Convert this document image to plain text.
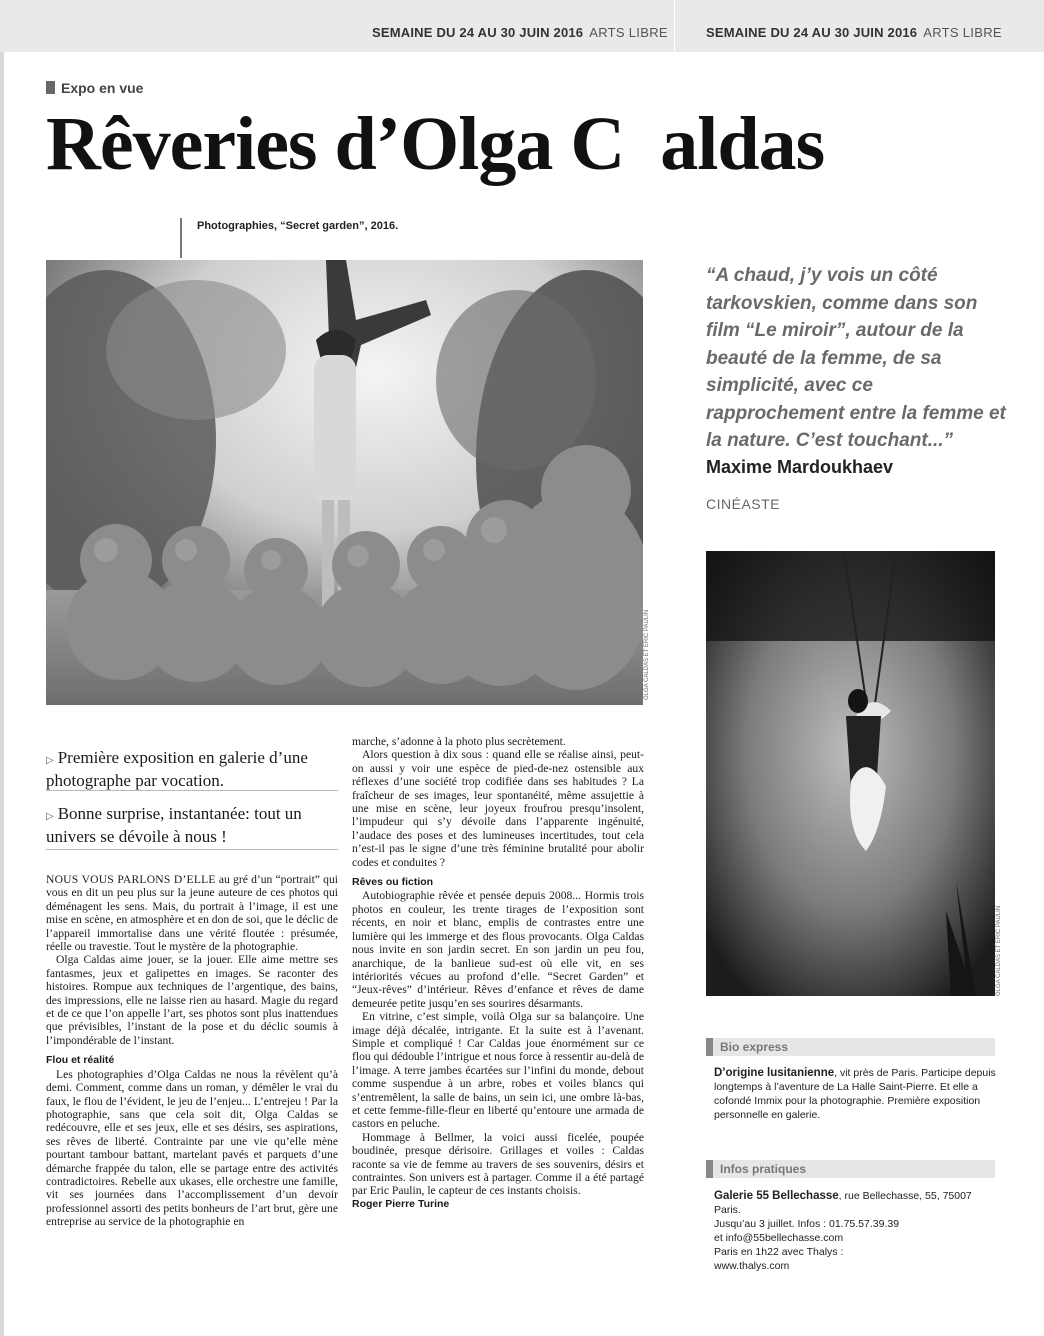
SEMAINE DU 24 AU 30 JUIN 2016 ARTS LIBRE	SEMAINE DU 24 AU 30 JUIN 2016 ARTS LIBRE
Expo en vue
Rêveries d’Olga C  aldas
Photographies, “Secret garden”, 2016.
OLGA CALDAS ET ERIC PAULIN
“A chaud, j’y vois un côté tarkovskien, comme dans son film “Le miroir”, autour de la beauté de la femme, de sa simplicité, avec ce rapprochement entre la femme et la nature. C’est touchant...”
Maxime Mardoukhaev
CINÉASTE
OLGA CALDAS ET ERIC PAULIN
▷ Première exposition en galerie d’une photographe par vocation.
▷ Bonne surprise, instantanée: tout un univers se dévoile à nous !

NOUS VOUS PARLONS D’ELLE au gré d’un “portrait” qui vous en dit un peu plus sur la jeune auteure de ces photos qui déménagent les sens. Mais, du portrait à l’image, il est une mise en scène, en atmosphère et en don de soi, que le déclic de l’appareil immortalise dans une vérité floutée : présumée, réelle ou travestie. Tout le mystère de la photographie.

Olga Caldas aime jouer, se la jouer. Elle aime mettre ses fantasmes, jeux et galipettes en images. Se raconter des histoires. Rompue aux techniques de l’argentique, des bains, des impressions, elle ne laisse rien au hasard. Magie du regard et de ce que l’on appelle l’art, ses photos sont plus inattendues que prévisibles, l’instant de la pose et du déclic soumis à l’impondérable de l’instant.

Flou et réalité

Les photographies d’Olga Caldas ne nous la révèlent qu’à demi. Comment, comme dans un roman, y démêler le vrai du faux, le flou de l’évident, le jeu de l’enjeu... L’entrejeu ! Par la photographie, sans que cela soit dit, Olga Caldas se redécouvre, elle et ses jeux, elle et ses désirs, ses aspirations, ses rêves de liberté. Contrainte par une vie qu’elle mène pourtant tambour battant, martelant pavés et parquets d’une démarche frappée du talon, elle se partage entre des activités contradictoires. Rebelle aux ukases, elle orchestre une famille, vit ses journées dans l’accomplissement d’un devoir professionnel assorti des petits bonheurs de l’art brut, gère une entreprise au service de la photographie en

marche, s’adonne à la photo plus secrètement.

Alors question à dix sous : quand elle se réalise ainsi, peut-on aussi y voir une espèce de pied-de-nez ostensible aux réflexes d’une société trop codifiée dans ses habitudes ? La fraîcheur de ses images, leur spontanéité, même assujettie à une mise en scène, leur joyeux froufrou presqu’insolent, l’impudeur qui s’y dévoile dans l’apparente ingénuité, l’audace des poses et des lumineuses incertitudes, tout cela n’est-il pas le signe d’une très féminine brutalité pour abolir codes et conduites ?

Rêves ou fiction

Autobiographie rêvée et pensée depuis 2008... Hormis trois photos en couleur, les trente tirages de l’exposition sont récents, en noir et blanc, emplis de contrastes entre une lumière qui les immerge et des flous provocants. Olga Caldas nous invite en son jardin secret. En son jardin un peu fou, anarchique, de la banlieue sud-est où elle vit, en ses intériorités vécues au profond d’elle. “Secret Garden” et “Jeux-rêves” d’intérieur. Rêves d’enfance et rêves de dame demeurée petite jusqu’en ses sourires désarmants.

En vitrine, c’est simple, voilà Olga sur sa balançoire. Une image déjà décalée, intrigante. Et la suite est à l’avenant. Simple et compliqué ! Car Caldas joue énormément sur ce flou qui dédouble l’intrigue et nous force à ressentir au-delà de l’image. A terre jambes écartées sur l’infini du monde, debout comme suspendue à un arbre, robes et voiles blancs qui s’entremêlent, la salle de bains, un sein ici, une ombre là-bas, et cette femme-fille-fleur en liberté qu’entoure une armada de castors en peluche.

Hommage à Bellmer, la voici aussi ficelée, poupée boudinée, presque dérisoire. Grillages et voiles : Caldas raconte sa vie de femme au travers de ses souvenirs, désirs et contraintes. Son univers est à partager. Comme il a été partagé par Eric Paulin, le capteur de ces instants choisis.

Roger Pierre Turine
Bio express
D’origine lusitanienne, vit près de Paris. Participe depuis longtemps à l’aventure de La Halle Saint-Pierre. Et elle a cofondé Immix pour la photographie. Première exposition personnelle en galerie.
Infos pratiques
Galerie 55 Bellechasse, rue Bellechasse, 55, 75007 Paris.
Jusqu’au 3 juillet. Infos : 01.75.57.39.39
et info@55bellechasse.com
Paris en 1h22 avec Thalys :
www.thalys.com
